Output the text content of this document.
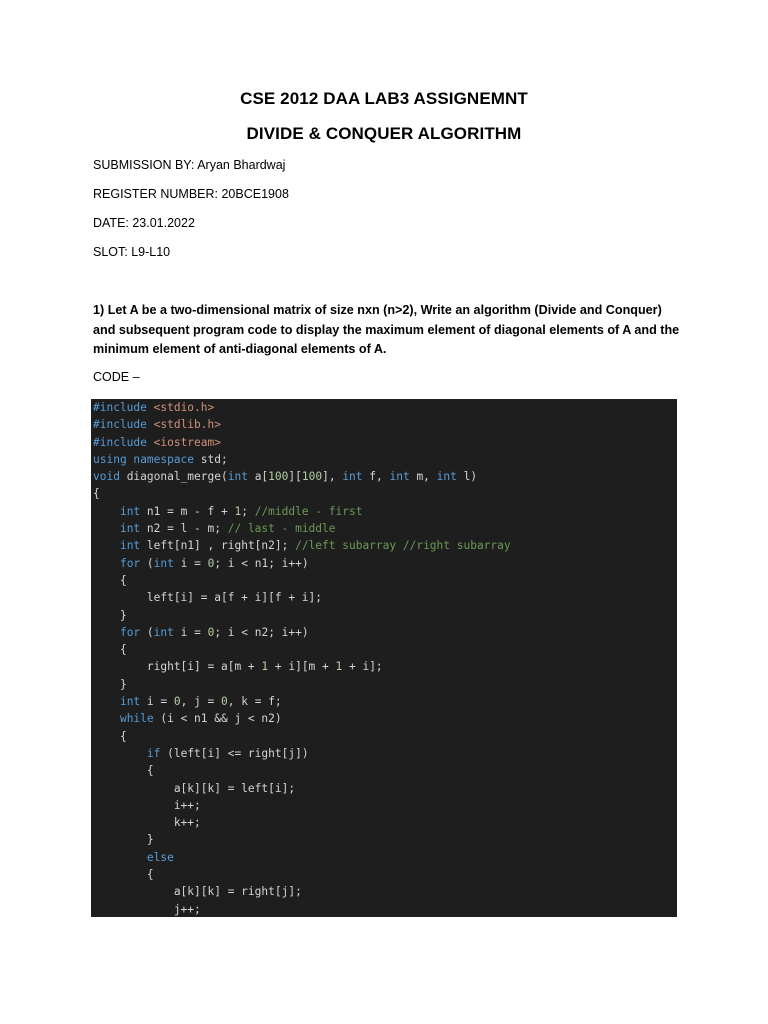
CSE 2012 DAA LAB3 ASSIGNEMNT
DIVIDE & CONQUER ALGORITHM
SUBMISSION BY: Aryan Bhardwaj
REGISTER NUMBER: 20BCE1908
DATE: 23.01.2022
SLOT: L9-L10
1) Let A be a two-dimensional matrix of size nxn (n>2), Write an algorithm (Divide and Conquer) and subsequent program code to display the maximum element of diagonal elements of A and the minimum element of anti-diagonal elements of A.
CODE –
#include <stdio.h>
#include <stdlib.h>
#include <iostream>
using namespace std;
void diagonal_merge(int a[100][100], int f, int m, int l)
{
int n1 = m - f + 1; //middle - first
int n2 = l - m; // last - middle
int left[n1] , right[n2]; //left subarray //right subarray
for (int i = 0; i < n1; i++)
{
left[i] = a[f + i][f + i];
}
for (int i = 0; i < n2; i++)
{
right[i] = a[m + 1 + i][m + 1 + i];
}
int i = 0, j = 0, k = f;
while (i < n1 && j < n2)
{
if (left[i] <= right[j])
{
a[k][k] = left[i];
i++;
k++;
}
else
{
a[k][k] = right[j];
j++;
